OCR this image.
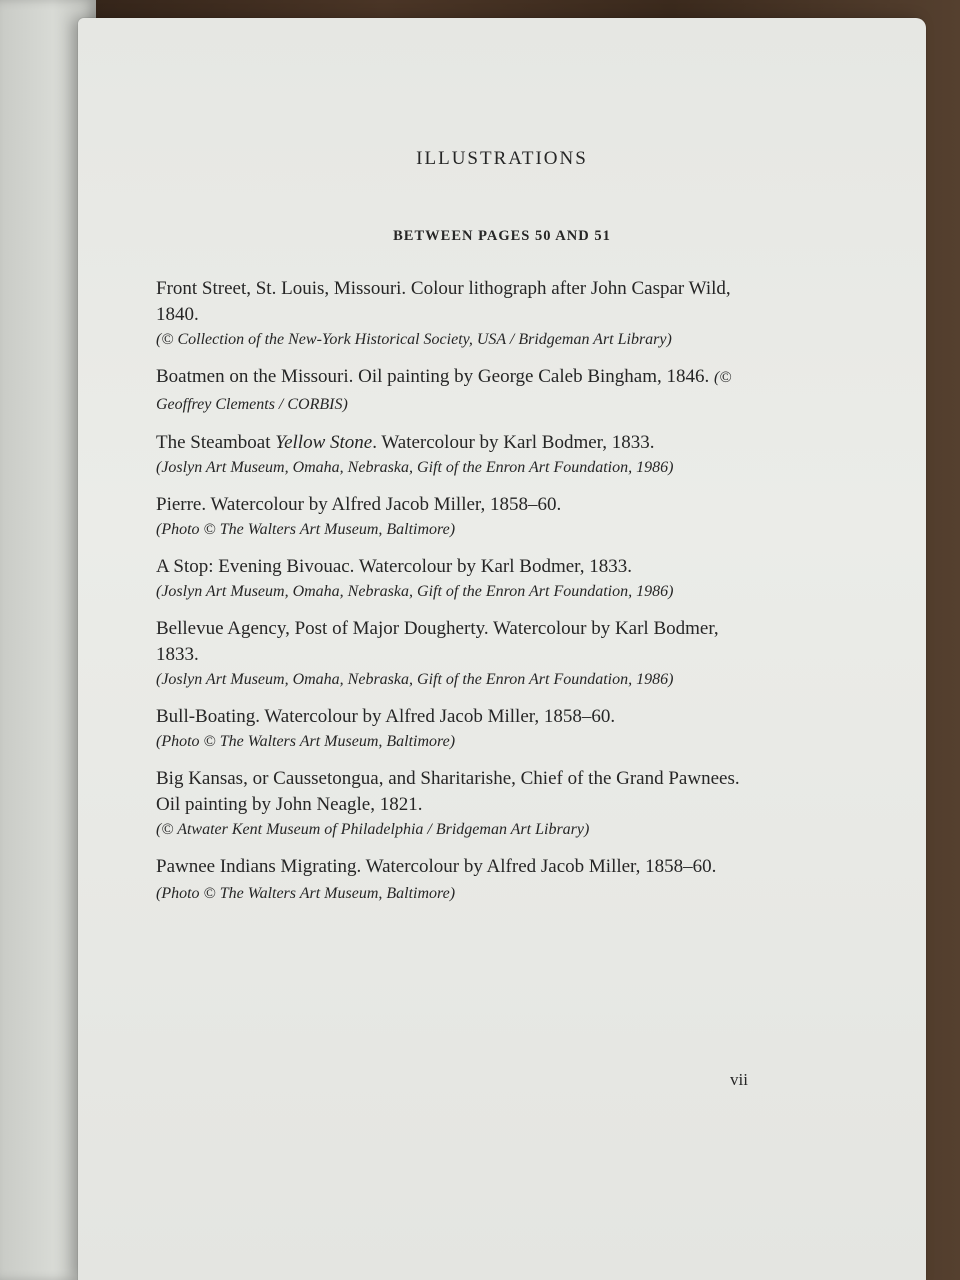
ILLUSTRATIONS
BETWEEN PAGES 50 AND 51

Front Street, St. Louis, Missouri. Colour lithograph after John Caspar Wild, 1840.

(© Collection of the New-York Historical Society, USA / Bridgeman Art Library)

Boatmen on the Missouri. Oil painting by George Caleb Bingham, 1846. (© Geoffrey Clements / CORBIS)

The Steamboat Yellow Stone. Watercolour by Karl Bodmer, 1833.

(Joslyn Art Museum, Omaha, Nebraska, Gift of the Enron Art Foundation, 1986)

Pierre. Watercolour by Alfred Jacob Miller, 1858–60.

(Photo © The Walters Art Museum, Baltimore)

A Stop: Evening Bivouac. Watercolour by Karl Bodmer, 1833.

(Joslyn Art Museum, Omaha, Nebraska, Gift of the Enron Art Foundation, 1986)

Bellevue Agency, Post of Major Dougherty. Watercolour by Karl Bodmer, 1833.

(Joslyn Art Museum, Omaha, Nebraska, Gift of the Enron Art Foundation, 1986)

Bull-Boating. Watercolour by Alfred Jacob Miller, 1858–60.

(Photo © The Walters Art Museum, Baltimore)

Big Kansas, or Caussetongua, and Sharitarishe, Chief of the Grand Pawnees. Oil painting by John Neagle, 1821.

(© Atwater Kent Museum of Philadelphia / Bridgeman Art Library)

Pawnee Indians Migrating. Watercolour by Alfred Jacob Miller, 1858–60. (Photo © The Walters Art Museum, Baltimore)

vii
